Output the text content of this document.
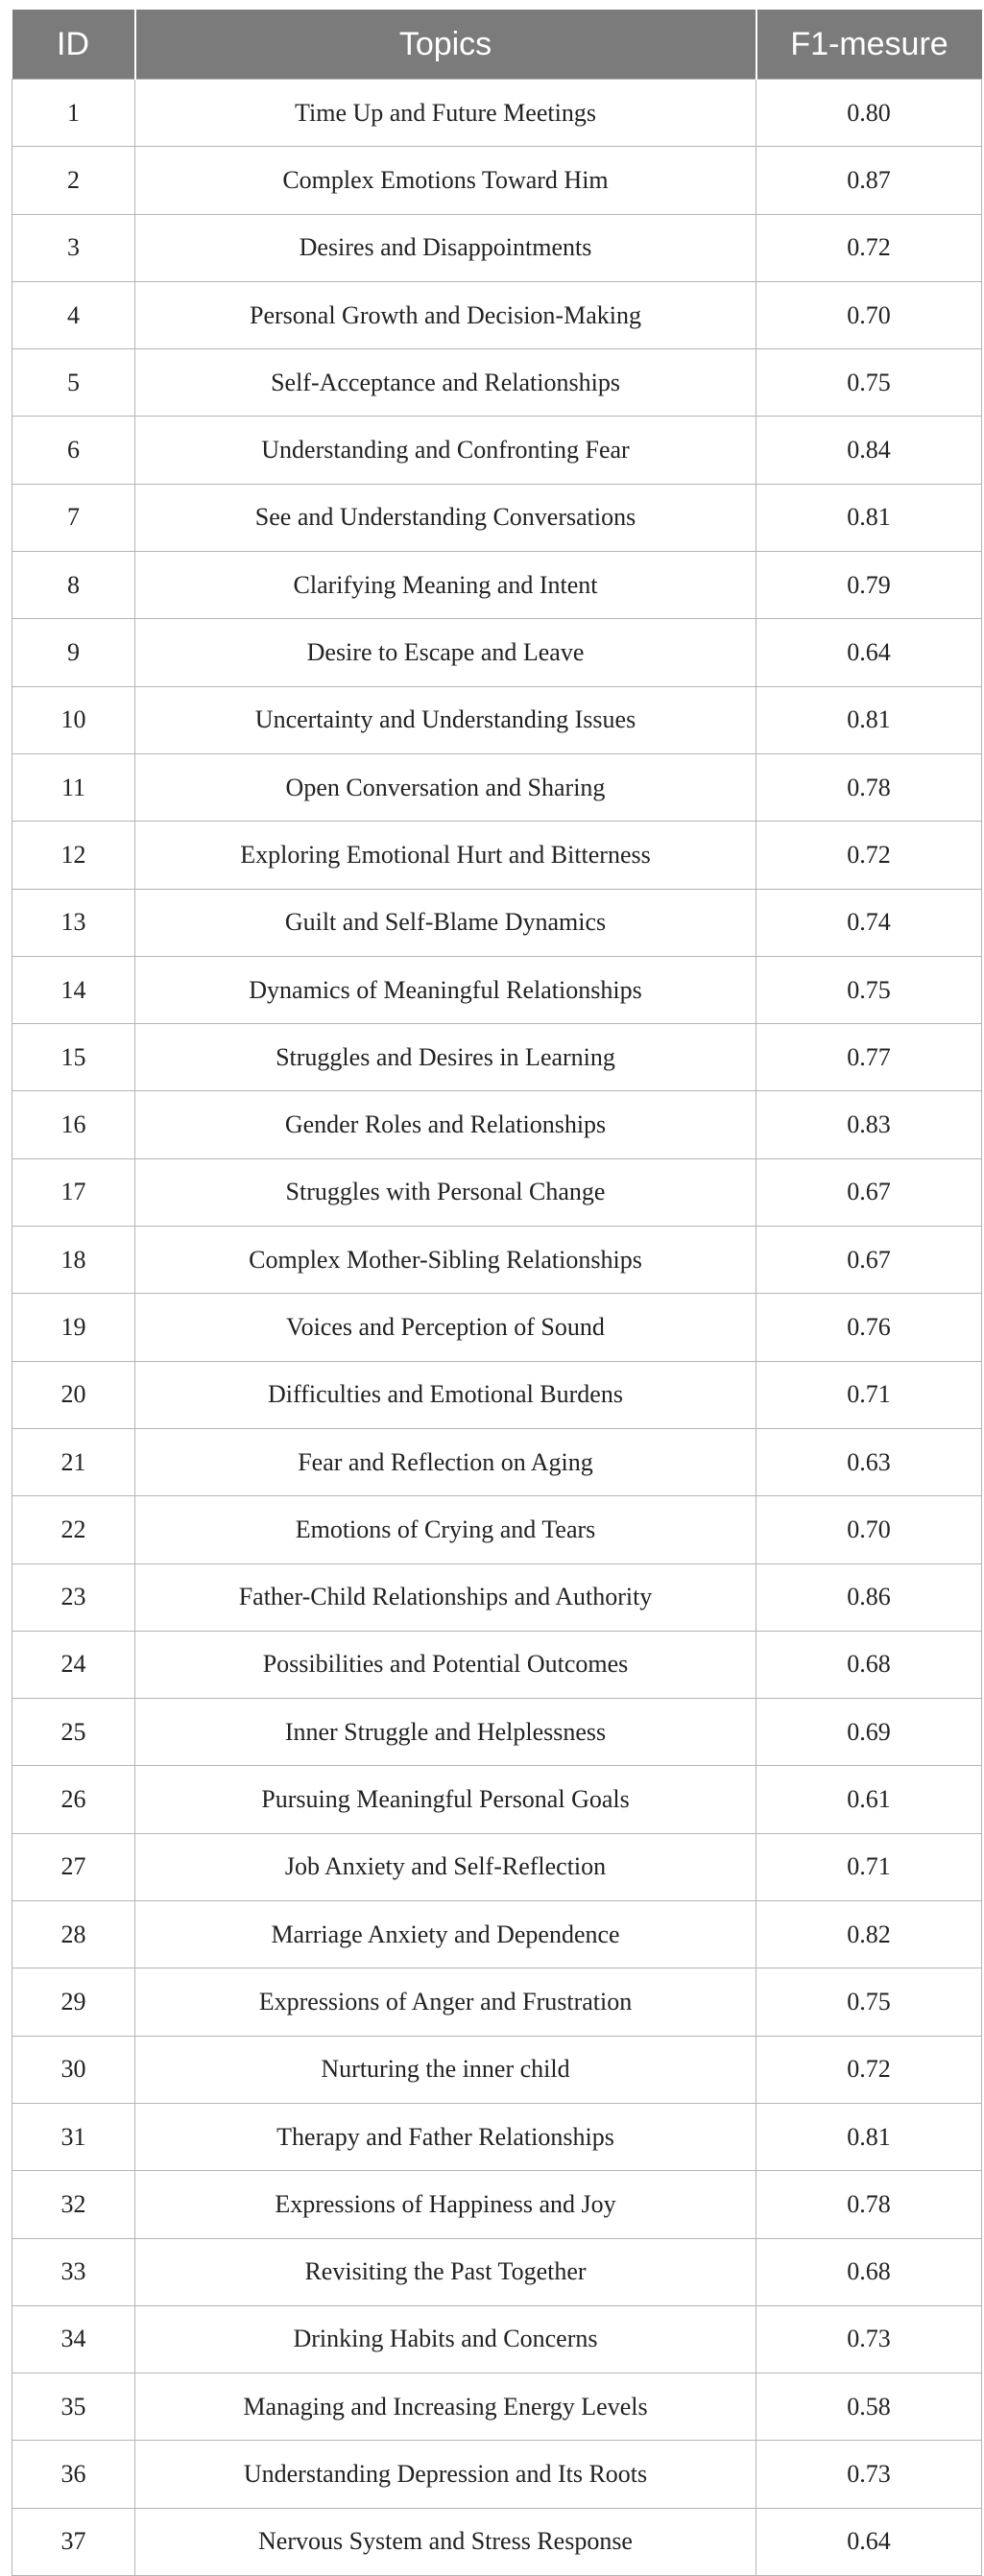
ID	Topics	F1-mesure
1	Time Up and Future Meetings	0.80
2	Complex Emotions Toward Him	0.87
3	Desires and Disappointments	0.72
4	Personal Growth and Decision-Making	0.70
5	Self-Acceptance and Relationships	0.75
6	Understanding and Confronting Fear	0.84
7	See and Understanding Conversations	0.81
8	Clarifying Meaning and Intent	0.79
9	Desire to Escape and Leave	0.64
10	Uncertainty and Understanding Issues	0.81
11	Open Conversation and Sharing	0.78
12	Exploring Emotional Hurt and Bitterness	0.72
13	Guilt and Self-Blame Dynamics	0.74
14	Dynamics of Meaningful Relationships	0.75
15	Struggles and Desires in Learning	0.77
16	Gender Roles and Relationships	0.83
17	Struggles with Personal Change	0.67
18	Complex Mother-Sibling Relationships	0.67
19	Voices and Perception of Sound	0.76
20	Difficulties and Emotional Burdens	0.71
21	Fear and Reflection on Aging	0.63
22	Emotions of Crying and Tears	0.70
23	Father-Child Relationships and Authority	0.86
24	Possibilities and Potential Outcomes	0.68
25	Inner Struggle and Helplessness	0.69
26	Pursuing Meaningful Personal Goals	0.61
27	Job Anxiety and Self-Reflection	0.71
28	Marriage Anxiety and Dependence	0.82
29	Expressions of Anger and Frustration	0.75
30	Nurturing the inner child	0.72
31	Therapy and Father Relationships	0.81
32	Expressions of Happiness and Joy	0.78
33	Revisiting the Past Together	0.68
34	Drinking Habits and Concerns	0.73
35	Managing and Increasing Energy Levels	0.58
36	Understanding Depression and Its Roots	0.73
37	Nervous System and Stress Response	0.64
